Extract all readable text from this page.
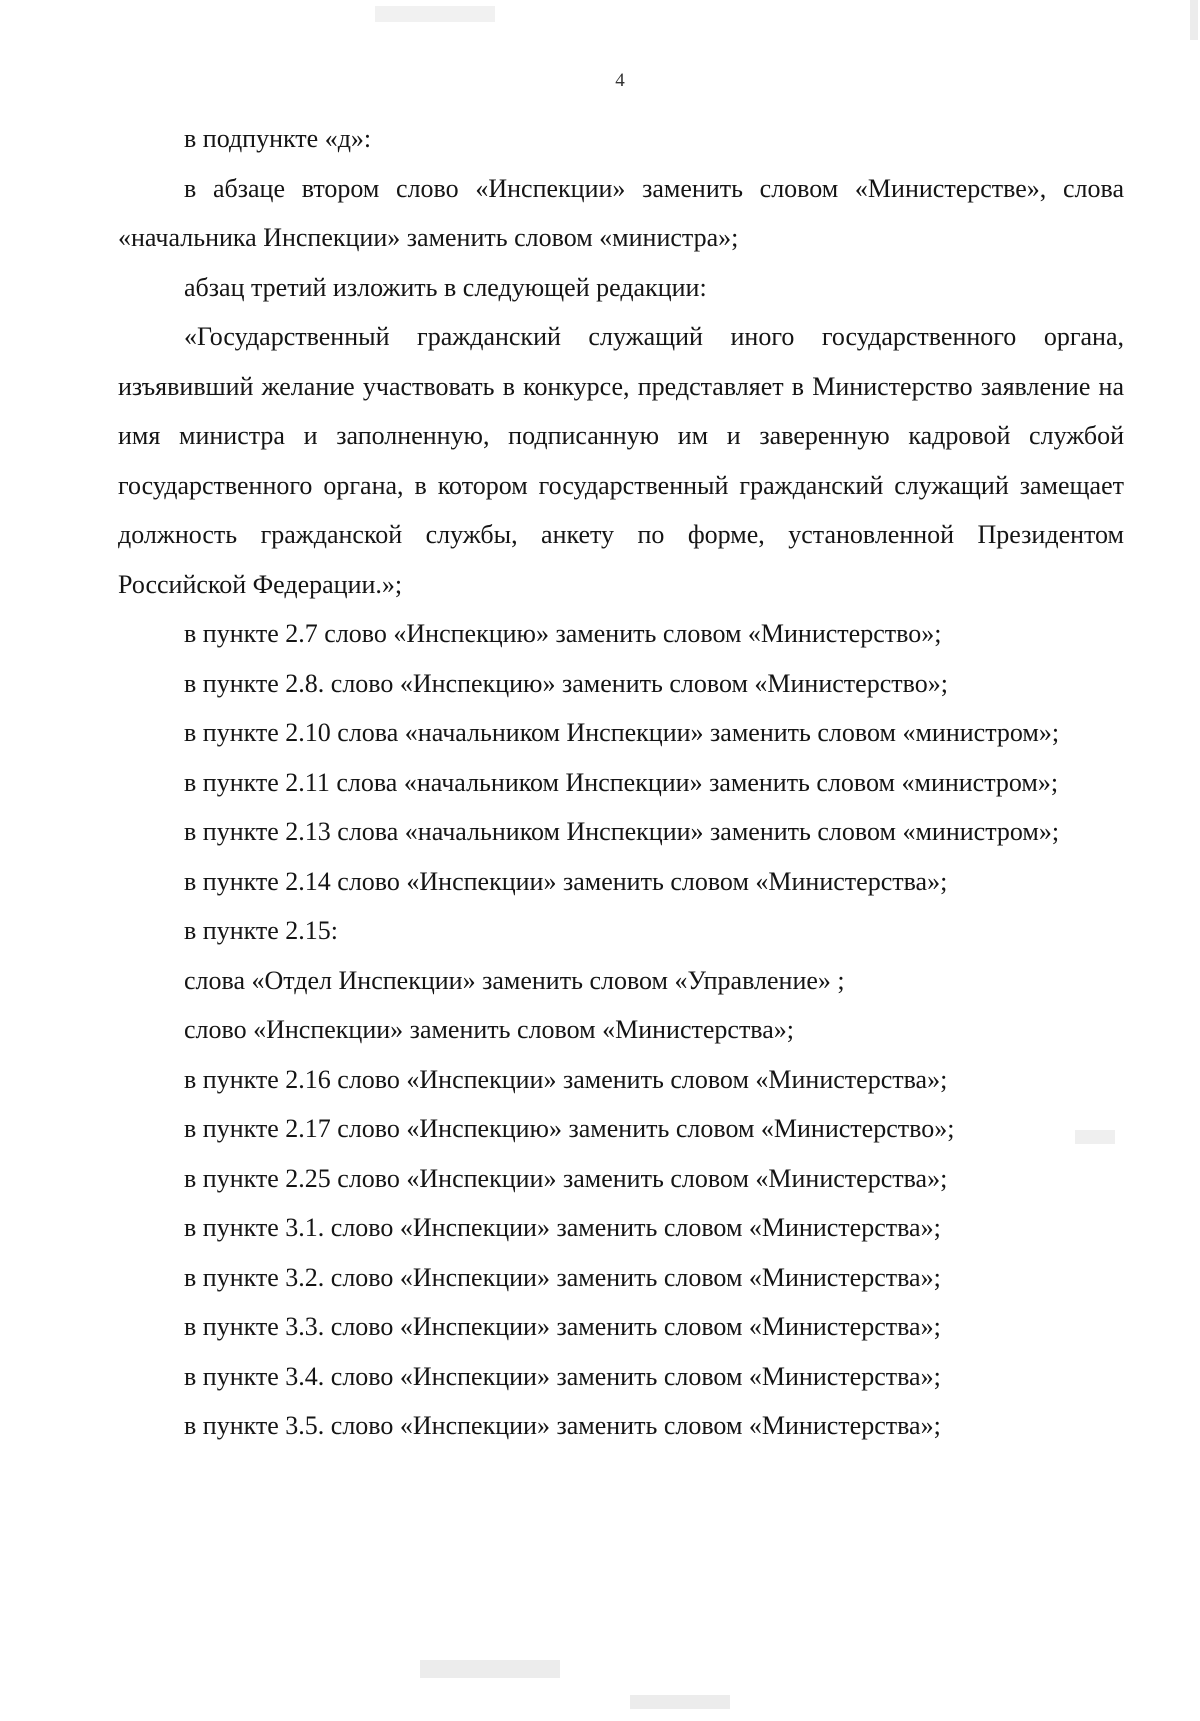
4

в подпункте «д»:

в абзаце втором слово «Инспекции» заменить словом «Министерстве», слова «начальника Инспекции» заменить словом «министра»;

абзац третий изложить в следующей редакции:

«Государственный гражданский служащий иного государственного органа, изъявивший желание участвовать в конкурсе, представляет в Министерство заявление на имя министра и заполненную, подписанную им и заверенную кадровой службой государственного органа, в котором государственный гражданский служащий замещает должность гражданской службы, анкету по форме, установленной Президентом Российской Федерации.»;

в пункте 2.7 слово «Инспекцию» заменить словом «Министерство»;

в пункте 2.8. слово «Инспекцию» заменить словом «Министерство»;

в пункте 2.10 слова «начальником Инспекции» заменить словом «министром»;

в пункте 2.11 слова «начальником Инспекции» заменить словом «министром»;

в пункте 2.13 слова «начальником Инспекции» заменить словом «министром»;

в пункте 2.14 слово «Инспекции» заменить словом «Министерства»;

в пункте 2.15:

слова «Отдел Инспекции» заменить словом «Управление» ;

слово «Инспекции» заменить словом «Министерства»;

в пункте 2.16 слово «Инспекции» заменить словом «Министерства»;

в пункте 2.17 слово «Инспекцию» заменить словом «Министерство»;

в пункте 2.25 слово «Инспекции» заменить словом «Министерства»;

в пункте 3.1. слово «Инспекции» заменить словом «Министерства»;

в пункте 3.2. слово «Инспекции» заменить словом «Министерства»;

в пункте 3.3. слово «Инспекции» заменить словом «Министерства»;

в пункте 3.4. слово «Инспекции» заменить словом «Министерства»;

в пункте 3.5. слово «Инспекции» заменить словом «Министерства»;
